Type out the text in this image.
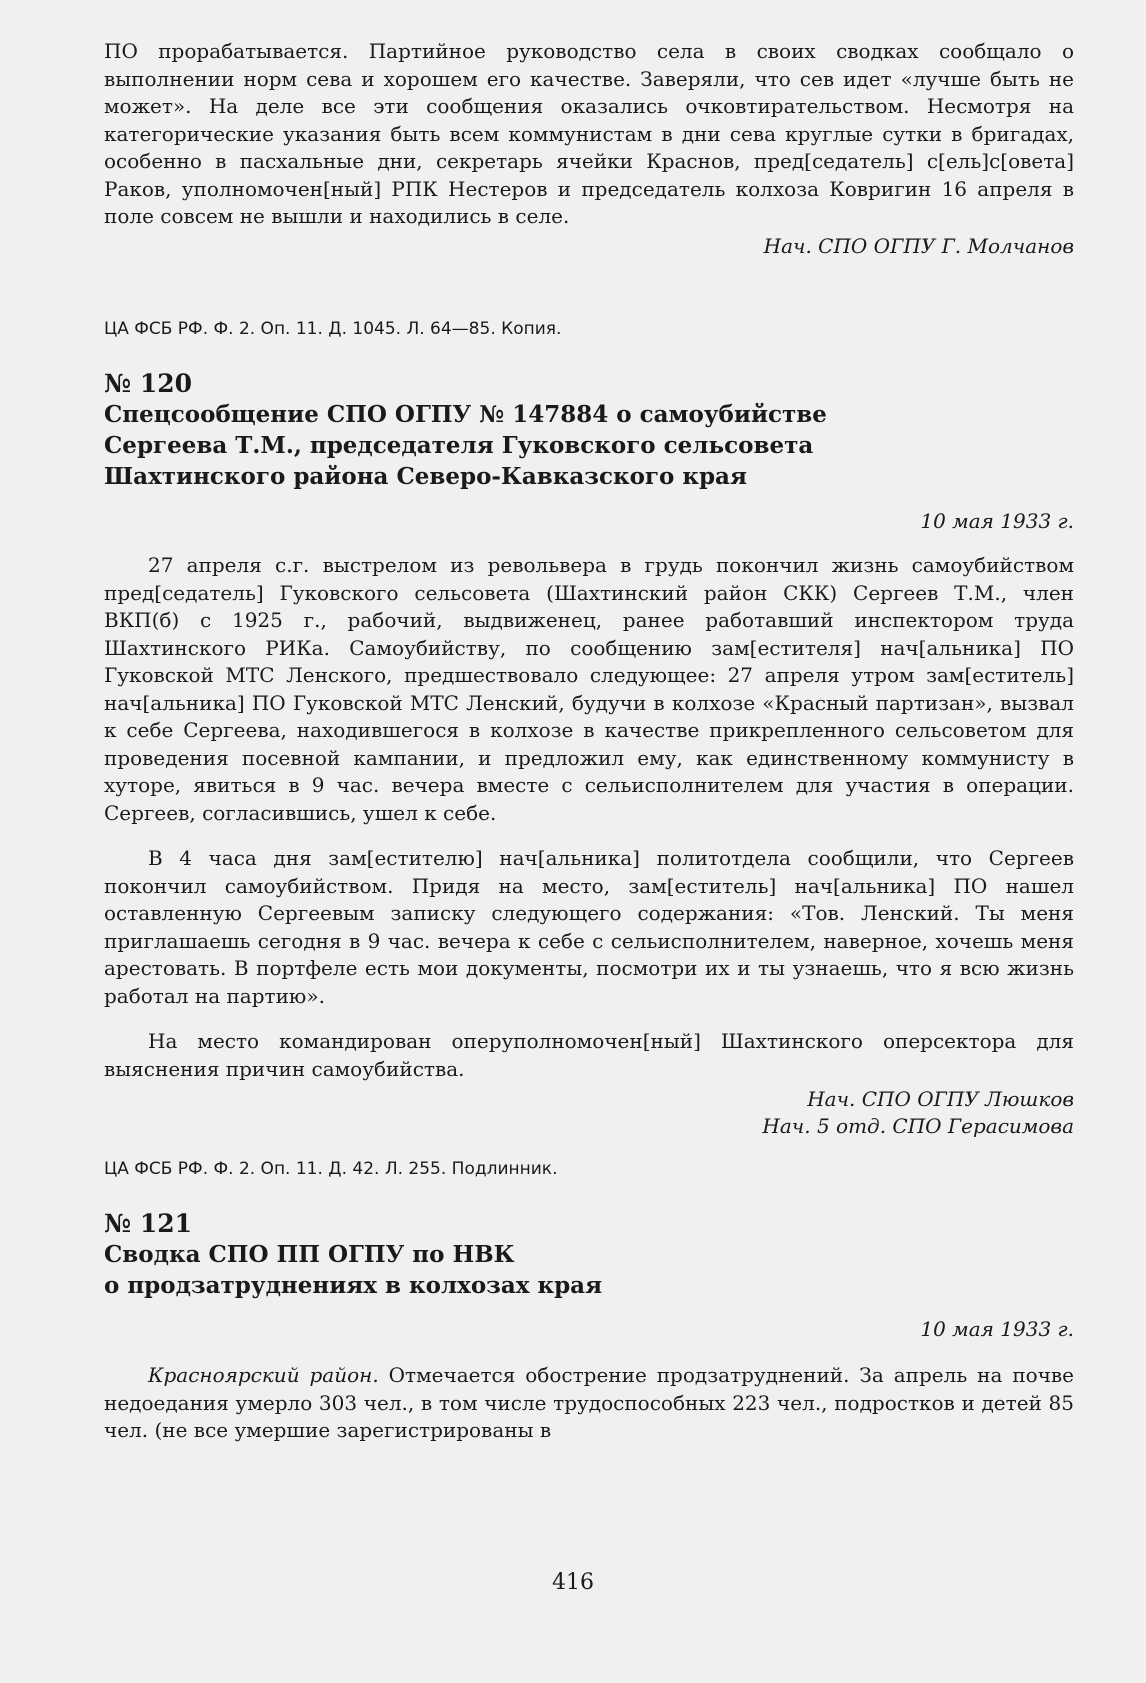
ПО прорабатывается. Партийное руководство села в своих сводках сообщало о выполнении норм сева и хорошем его качестве. Заверяли, что сев идет «лучше быть не может». На деле все эти сообщения оказались очковтирательством. Несмотря на категорические указания быть всем коммунистам в дни сева круглые сутки в бригадах, особенно в пасхальные дни, секретарь ячейки Краснов, пред[седатель] с[ель]с[овета] Раков, уполномочен[ный] РПК Нестеров и председатель колхоза Ковригин 16 апреля в поле совсем не вышли и находились в селе.

Нач. СПО ОГПУ Г. Молчанов

ЦА ФСБ РФ. Ф. 2. Оп. 11. Д. 1045. Л. 64—85. Копия.

№ 120

Спецсообщение СПО ОГПУ № 147884 о самоубийстве

Сергеева Т.М., председателя Гуковского сельсовета

Шахтинского района Северо-Кавказского края

10 мая 1933 г.

27 апреля с.г. выстрелом из револьвера в грудь покончил жизнь самоубийством пред[седатель] Гуковского сельсовета (Шахтинский район СКК) Сергеев Т.М., член ВКП(б) с 1925 г., рабочий, выдвиженец, ранее работавший инспектором труда Шахтинского РИКа. Самоубийству, по сообщению зам[естителя] нач[альника] ПО Гуковской МТС Ленского, предшествовало следующее: 27 апреля утром зам[еститель] нач[альника] ПО Гуковской МТС Ленский, будучи в колхозе «Красный партизан», вызвал к себе Сергеева, находившегося в колхозе в качестве прикрепленного сельсоветом для проведения посевной кампании, и предложил ему, как единственному коммунисту в хуторе, явиться в 9 час. вечера вместе с сельисполнителем для участия в операции. Сергеев, согласившись, ушел к себе.

В 4 часа дня зам[естителю] нач[альника] политотдела сообщили, что Сергеев покончил самоубийством. Придя на место, зам[еститель] нач[альника] ПО нашел оставленную Сергеевым записку следующего содержания: «Тов. Ленский. Ты меня приглашаешь сегодня в 9 час. вечера к себе с сельисполнителем, наверное, хочешь меня арестовать. В портфеле есть мои документы, посмотри их и ты узнаешь, что я всю жизнь работал на партию».

На место командирован оперуполномочен[ный] Шахтинского оперсектора для выяснения причин самоубийства.

Нач. СПО ОГПУ Люшков

Нач. 5 отд. СПО Герасимова

ЦА ФСБ РФ. Ф. 2. Оп. 11. Д. 42. Л. 255. Подлинник.

№ 121

Сводка СПО ПП ОГПУ по НВК

о продзатруднениях в колхозах края

10 мая 1933 г.

Красноярский район. Отмечается обострение продзатруднений. За апрель на почве недоедания умерло 303 чел., в том числе трудоспособных 223 чел., подростков и детей 85 чел. (не все умершие зарегистрированы в

416
